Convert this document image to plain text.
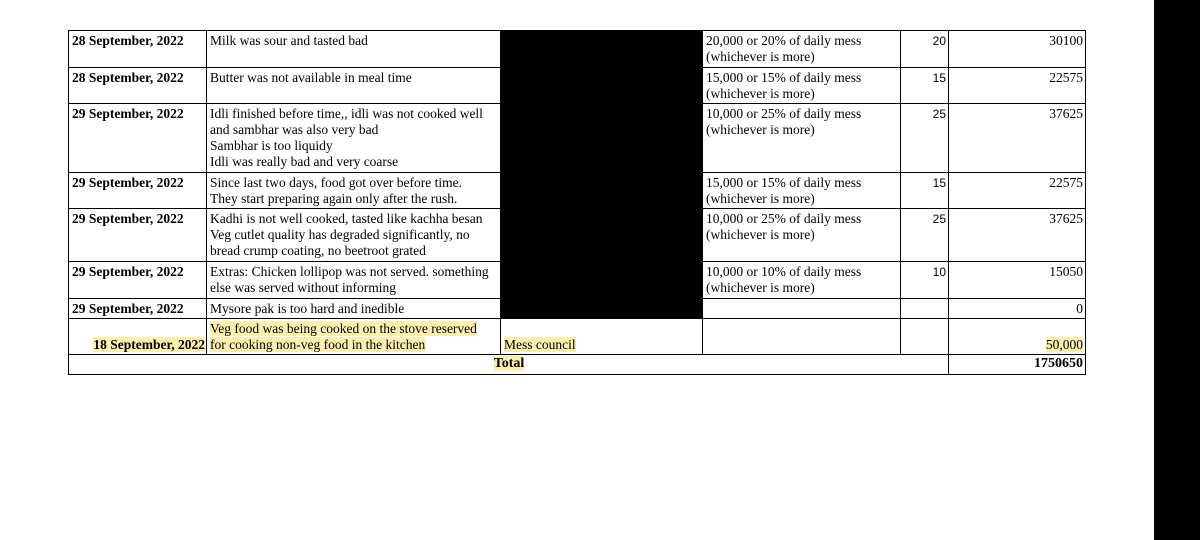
28 September, 2022	Milk was sour and tasted bad		20,000 or 20% of daily mess
(whichever is more)	20	30100
28 September, 2022	Butter was not available in meal time		15,000 or 15% of daily mess
(whichever is more)	15	22575
29 September, 2022	Idli finished before time,, idli was not cooked well
and sambhar was also very bad
Sambhar is too liquidy
Idli was really bad and very coarse		10,000 or 25% of daily mess
(whichever is more)	25	37625
29 September, 2022	Since last two days, food got over before time.
They start preparing again only after the rush.		15,000 or 15% of daily mess
(whichever is more)	15	22575
29 September, 2022	Kadhi is not well cooked, tasted like kachha besan
Veg cutlet quality has degraded significantly, no
bread crump coating, no beetroot grated		10,000 or 25% of daily mess
(whichever is more)	25	37625
29 September, 2022	Extras: Chicken lollipop was not served. something
else was served without informing		10,000 or 10% of daily mess
(whichever is more)	10	15050
29 September, 2022	Mysore pak is too hard and inedible				0
18 September, 2022	Veg food was being cooked on the stove reserved
for cooking non-veg food in the kitchen	Mess council			50,000
Total					1750650
